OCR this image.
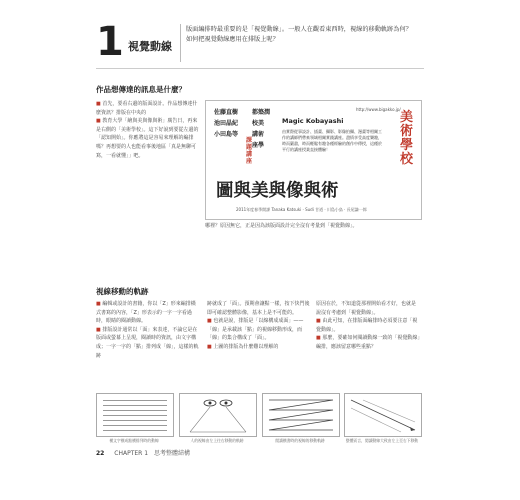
1 視覺動線
版面編排時最重要的是「視覺動線」。一般人在觀看東西時，視線的移動軌跡為何？如何把視覺動線應用在排版上呢？
作品想傳達的訊息是什麼？

■ 首先，要看右邊的版面設計。作品想傳達什麼資訊？排版在中央的

■ 教育大學「繪與美與像與術」廣告日，再來是右側的「美術學校」。這下好說到要從左邊的「認知開始」。你應將這是容易來理解的編排嗎？再想要的人也能看事後地區「真是無聊可寫，一看就懂」」吧。

佐藤直樹
池田晶紀
小田島等
都築潤
校美
講術
座學
課題講座
Magic Kobayashi
由實際從事設計、插畫、攝影、影像拍攝、漫畫等相關工作的講師們帶來領域相關實踐講座。盡情享受高度樂趣，時而嚴肅，時而輕鬆有趣各種經驗的創作中傳授，這種於平行的講座授業直接體驗！
http://www.bigakko.jp/
美術學校
圖與美與像與術
2011年度春季開課 Tanaka Katsuki · Sudi 甘道 · 川島小鳥 · 長尾謙一郎
哪裡？原因無它，正是因為該版面設計完全沒有考量到「視覺動線」。
視線移動的軌跡

■ 編輯或設計的書籍，你以「Z」形來編排橫式書寫的內容，「Z」形表示的一字一字看過時，眼睛的閱讀動線。

■ 排版設計通常以「面」來表達，不論它是在版面或螢幕上呈現，閱讀時的資訊，由文字構成；一字一字的「點」排列成「線」，這樣的軌跡

跡就成了「面」。預期會讓點一樣，按下快門後即可確認整體影像，基本上是不可能的。

■ 也就是說，排版是「以線構成成面」——「線」是承載該「點」的視線移動形成，而「線」的集合構成了「面」。

■ 上圖的排版為什麼難以理解的

原因在於，不知道從那裡開始看才好，也就是說沒有考慮到「視覺動線」。

■ 由此可知，在排版面編排時必須要注意「視覺動線」。

■ 那麼，要確如何閱讀動線一致的「視覺動線」編排，應該留意哪些重點？

橫文字橫成點橫排列時的動線	人的視線由左上往右移動的軌跡	閱讀橫書時的視線的移動軌跡	整體而言，閱讀動線大致由左上至右下移動
22 CHAPTER 1　思考整體結構
